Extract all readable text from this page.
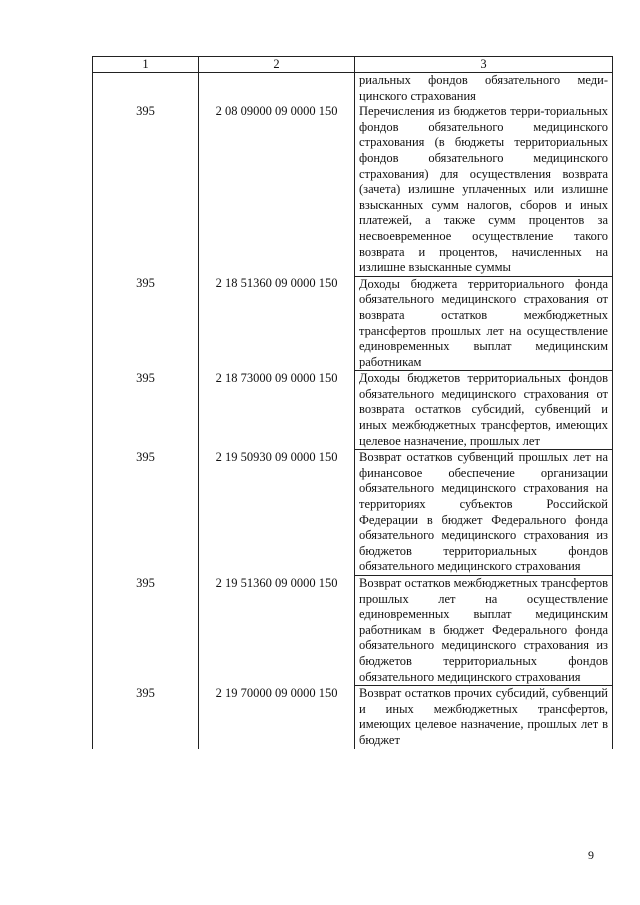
1	2	3
		риальных фондов обязательного меди-цинского страхования
395	2 08 09000 09 0000 150	Перечисления из бюджетов терри-ториальных фондов обязательного медицинского страхования (в бюджеты территориальных фондов обязательного медицинского страхования) для осуществления возврата (зачета) излишне уплаченных или излишне взысканных сумм налогов, сборов и иных платежей, а также сумм процентов за несвоевременное осуществление такого возврата и процентов, начисленных на излишне взысканные суммы
395	2 18 51360 09 0000 150	Доходы бюджета территориального фонда обязательного медицинского страхования от возврата остатков межбюджетных трансфертов прошлых лет на осуществление единовременных выплат медицинским работникам
395	2 18 73000 09 0000 150	Доходы бюджетов территориальных фондов обязательного медицинского страхования от возврата остатков субсидий, субвенций и иных межбюджетных трансфертов, имеющих целевое назначение, прошлых лет
395	2 19 50930 09 0000 150	Возврат остатков субвенций прошлых лет на финансовое обеспечение организации обязательного медицинского страхования на территориях субъектов Российской Федерации в бюджет Федерального фонда обязательного медицинского страхования из бюджетов территориальных фондов обязательного медицинского страхования
395	2 19 51360 09 0000 150	Возврат остатков межбюджетных трансфертов прошлых лет на осуществление единовременных выплат медицинским работникам в бюджет Федерального фонда обязательного медицинского страхования из бюджетов территориальных фондов обязательного медицинского страхования
395	2 19 70000 09 0000 150	Возврат остатков прочих субсидий, субвенций и иных межбюджетных трансфертов, имеющих целевое назначение, прошлых лет в бюджет
9
